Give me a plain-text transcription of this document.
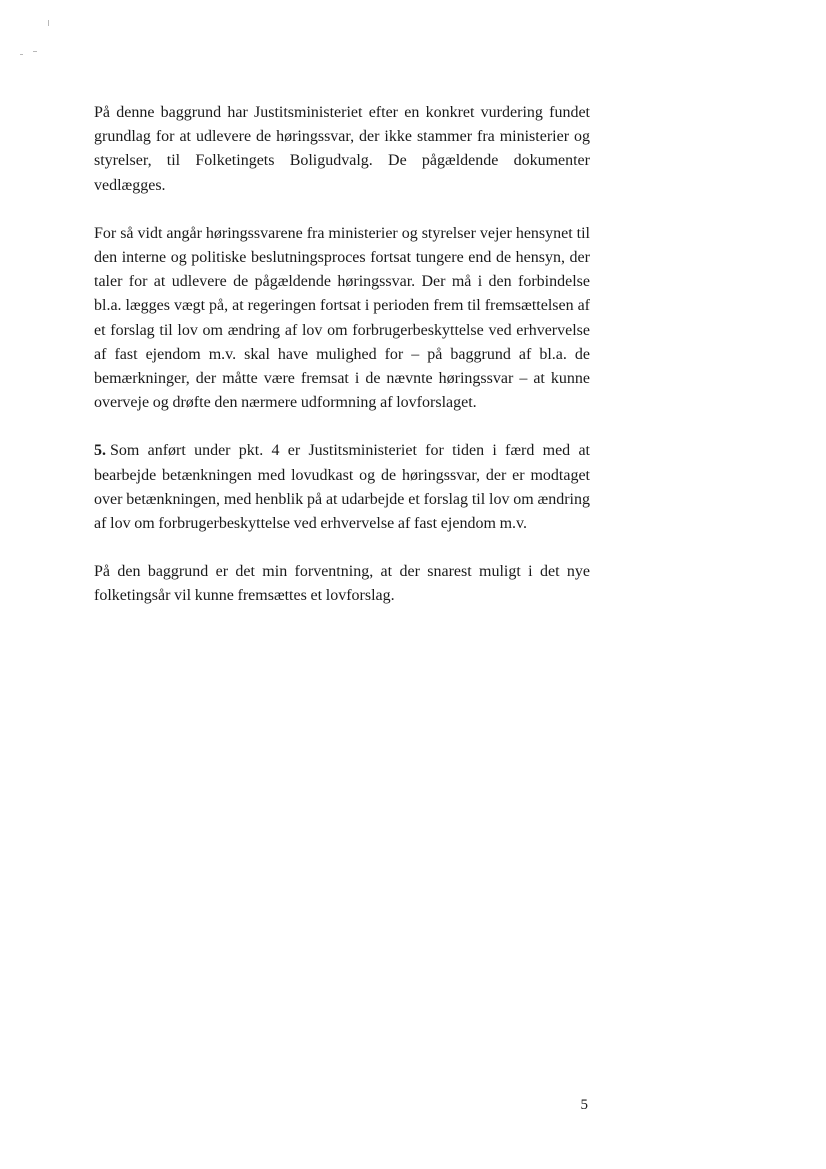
På denne baggrund har Justitsministeriet efter en konkret vurdering fundet grundlag for at udlevere de høringssvar, der ikke stammer fra ministerier og styrelser, til Folketingets Boligudvalg. De pågældende dokumenter vedlægges.

For så vidt angår høringssvarene fra ministerier og styrelser vejer hensynet til den interne og politiske beslutningsproces fortsat tungere end de hensyn, der taler for at udlevere de pågældende høringssvar. Der må i den forbindelse bl.a. lægges vægt på, at regeringen fortsat i perioden frem til fremsættelsen af et forslag til lov om ændring af lov om forbrugerbeskyttelse ved erhvervelse af fast ejendom m.v. skal have mulighed for – på baggrund af bl.a. de bemærkninger, der måtte være fremsat i de nævnte høringssvar – at kunne overveje og drøfte den nærmere udformning af lovforslaget.

5. Som anført under pkt. 4 er Justitsministeriet for tiden i færd med at bearbejde betænkningen med lovudkast og de høringssvar, der er modtaget over betænkningen, med henblik på at udarbejde et forslag til lov om ændring af lov om forbrugerbeskyttelse ved erhvervelse af fast ejendom m.v.

På den baggrund er det min forventning, at der snarest muligt i det nye folketingsår vil kunne fremsættes et lovforslag.

5
